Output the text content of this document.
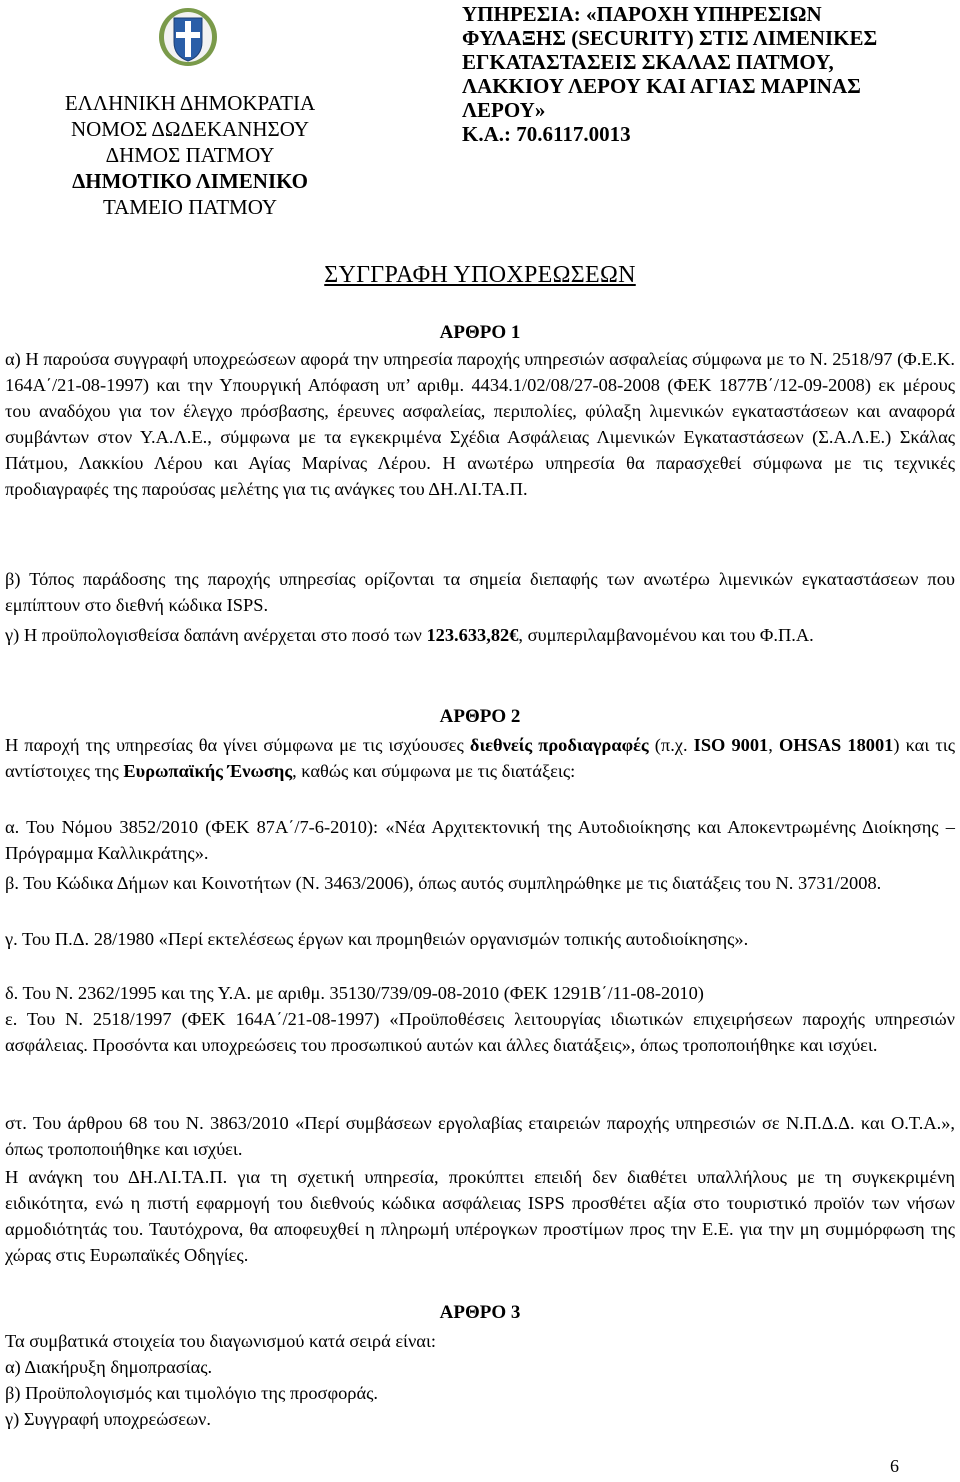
ΕΛΛΗΝΙΚΗ ΔΗΜΟΚΡΑΤΙΑ
ΝΟΜΟΣ ΔΩΔΕΚΑΝΗΣΟΥ
ΔΗΜΟΣ ΠΑΤΜΟΥ
ΔΗΜΟΤΙΚΟ ΛΙΜΕΝΙΚΟ
ΤΑΜΕΙΟ ΠΑΤΜΟΥ
ΥΠΗΡΕΣΙΑ: «ΠΑΡΟΧΗ ΥΠΗΡΕΣΙΩΝ
ΦΥΛΑΞΗΣ (SECURITY) ΣΤΙΣ ΛΙΜΕΝΙΚΕΣ
ΕΓΚΑΤΑΣΤΑΣΕΙΣ ΣΚΑΛΑΣ ΠΑΤΜΟΥ,
ΛΑΚΚΙΟΥ ΛΕΡΟΥ ΚΑΙ ΑΓΙΑΣ ΜΑΡΙΝΑΣ
ΛΕΡΟΥ»
Κ.Α.: 70.6117.0013
ΣΥΓΓΡΑΦΗ ΥΠΟΧΡΕΩΣΕΩΝ
ΑΡΘΡΟ 1
α) Η παρούσα συγγραφή υποχρεώσεων αφορά την υπηρεσία παροχής υπηρεσιών ασφαλείας σύμφωνα με το Ν. 2518/97 (Φ.Ε.Κ. 164Α΄/21-08-1997) και την Υπουργική Απόφαση υπ’ αριθμ. 4434.1/02/08/27-08-2008 (ΦΕΚ 1877Β΄/12-09-2008) εκ μέρους του αναδόχου για τον έλεγχο πρόσβασης, έρευνες ασφαλείας, περιπολίες, φύλαξη λιμενικών εγκαταστάσεων και αναφορά συμβάντων στον Υ.Α.Λ.Ε., σύμφωνα με τα εγκεκριμένα Σχέδια Ασφάλειας Λιμενικών Εγκαταστάσεων (Σ.Α.Λ.Ε.) Σκάλας Πάτμου, Λακκίου Λέρου και Αγίας Μαρίνας Λέρου. Η ανωτέρω υπηρεσία θα παρασχεθεί σύμφωνα με τις τεχνικές προδιαγραφές της παρούσας μελέτης για τις ανάγκες του ΔΗ.ΛΙ.ΤΑ.Π.
β) Τόπος παράδοσης της παροχής υπηρεσίας ορίζονται τα σημεία διεπαφής των ανωτέρω λιμενικών εγκαταστάσεων που εμπίπτουν στο διεθνή κώδικα ISPS.
γ) Η προϋπολογισθείσα δαπάνη ανέρχεται στο ποσό των 123.633,82€, συμπεριλαμβανομένου και του Φ.Π.Α.
ΑΡΘΡΟ 2
Η παροχή της υπηρεσίας θα γίνει σύμφωνα με τις ισχύουσες διεθνείς προδιαγραφές (π.χ. ISO 9001, OHSAS 18001) και τις αντίστοιχες της Ευρωπαϊκής Ένωσης, καθώς και σύμφωνα με τις διατάξεις:
α. Του Νόμου 3852/2010 (ΦΕΚ 87Α΄/7-6-2010): «Νέα Αρχιτεκτονική της Αυτοδιοίκησης και Αποκεντρωμένης Διοίκησης – Πρόγραμμα Καλλικράτης».
β. Του Κώδικα Δήμων και Κοινοτήτων (Ν. 3463/2006), όπως αυτός συμπληρώθηκε με τις διατάξεις του Ν. 3731/2008.
γ. Του Π.Δ. 28/1980 «Περί εκτελέσεως έργων και προμηθειών οργανισμών τοπικής αυτοδιοίκησης».
δ. Του Ν. 2362/1995 και της Υ.Α. με αριθμ. 35130/739/09-08-2010 (ΦΕΚ 1291Β΄/11-08-2010)
ε. Του Ν. 2518/1997 (ΦΕΚ 164Α΄/21-08-1997) «Προϋποθέσεις λειτουργίας ιδιωτικών επιχειρήσεων παροχής υπηρεσιών ασφάλειας. Προσόντα και υποχρεώσεις του προσωπικού αυτών και άλλες διατάξεις», όπως τροποποιήθηκε και ισχύει.
στ. Του άρθρου 68 του Ν. 3863/2010 «Περί συμβάσεων εργολαβίας εταιρειών παροχής υπηρεσιών σε Ν.Π.Δ.Δ. και Ο.Τ.Α.», όπως τροποποιήθηκε και ισχύει.
Η ανάγκη του ΔΗ.ΛΙ.ΤΑ.Π. για τη σχετική υπηρεσία, προκύπτει επειδή δεν διαθέτει υπαλλήλους με τη συγκεκριμένη ειδικότητα, ενώ η πιστή εφαρμογή του διεθνούς κώδικα ασφάλειας ISPS προσθέτει αξία στο τουριστικό προϊόν των νήσων αρμοδιότητάς του. Ταυτόχρονα, θα αποφευχθεί η πληρωμή υπέρογκων προστίμων προς την Ε.Ε. για την μη συμμόρφωση της χώρας στις Ευρωπαϊκές Οδηγίες.
ΑΡΘΡΟ 3
Τα συμβατικά στοιχεία του διαγωνισμού κατά σειρά είναι:
α) Διακήρυξη δημοπρασίας.
β) Προϋπολογισμός και τιμολόγιο της προσφοράς.
γ) Συγγραφή υποχρεώσεων.
6
